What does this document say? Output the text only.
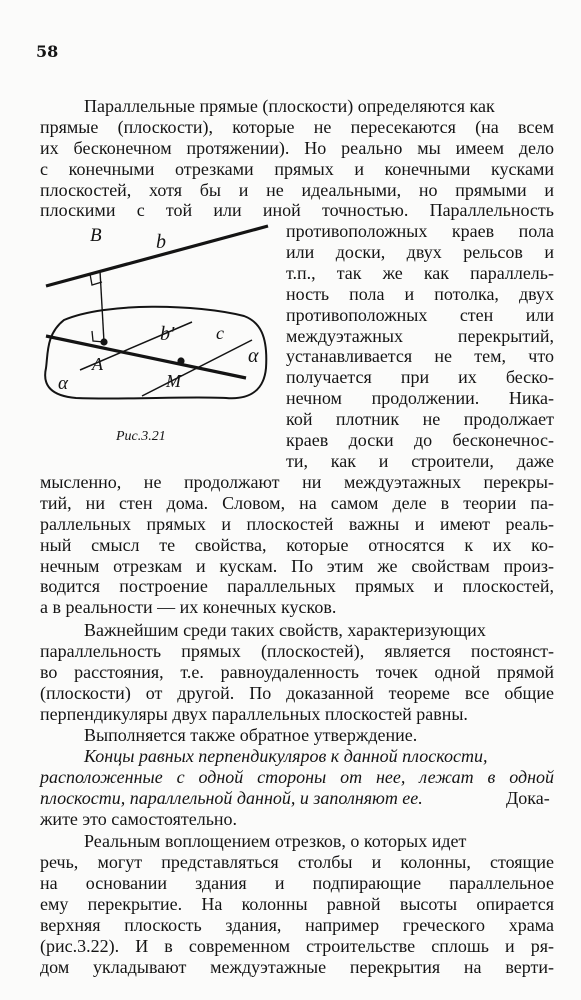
58
B	b
b' c
A
M
α
α
Рис.3.21
Параллельные прямые (плоскости) определяются как
прямые (плоскости), которые не пересекаются (на всем
их бесконечном протяжении). Но реально мы имеем дело
с конечными отрезками прямых и конечными кусками
плоскостей, хотя бы и не идеальными, но прямыми и
плоскими с той или иной точностью. Параллельность
противоположных краев пола
или доски, двух рельсов и
т.п., так же как параллель-
ность пола и потолка, двух
противоположных стен или
междуэтажных перекрытий,
устанавливается не тем, что
получается при их беско-
нечном продолжении. Ника-
кой плотник не продолжает
краев доски до бесконечнос-
ти, как и строители, даже
мысленно, не продолжают ни междуэтажных перекры-
тий, ни стен дома. Словом, на самом деле в теории па-
раллельных прямых и плоскостей важны и имеют реаль-
ный смысл те свойства, которые относятся к их ко-
нечным отрезкам и кускам. По этим же свойствам произ-
водится построение параллельных прямых и плоскостей,
а в реальности — их конечных кусков.
Важнейшим среди таких свойств, характеризующих
параллельность прямых (плоскостей), является постоянст-
во расстояния, т.е. равноудаленность точек одной прямой
(плоскости) от другой. По доказанной теореме все общие
перпендикуляры двух параллельных плоскостей равны.
Выполняется также обратное утверждение.
Концы равных перпендикуляров к данной плоскости,
расположенные с одной стороны от нее, лежат в одной
плоскости, параллельной данной, и заполняют ее.	Дока-
жите это самостоятельно.
Реальным воплощением отрезков, о которых идет
речь, могут представляться столбы и колонны, стоящие
на основании здания и подпирающие параллельное
ему перекрытие. На колонны равной высоты опирается
верхняя плоскость здания, например греческого храма
(рис.3.22). И в современном строительстве сплошь и ря-
дом укладывают междуэтажные перекрытия на верти-
